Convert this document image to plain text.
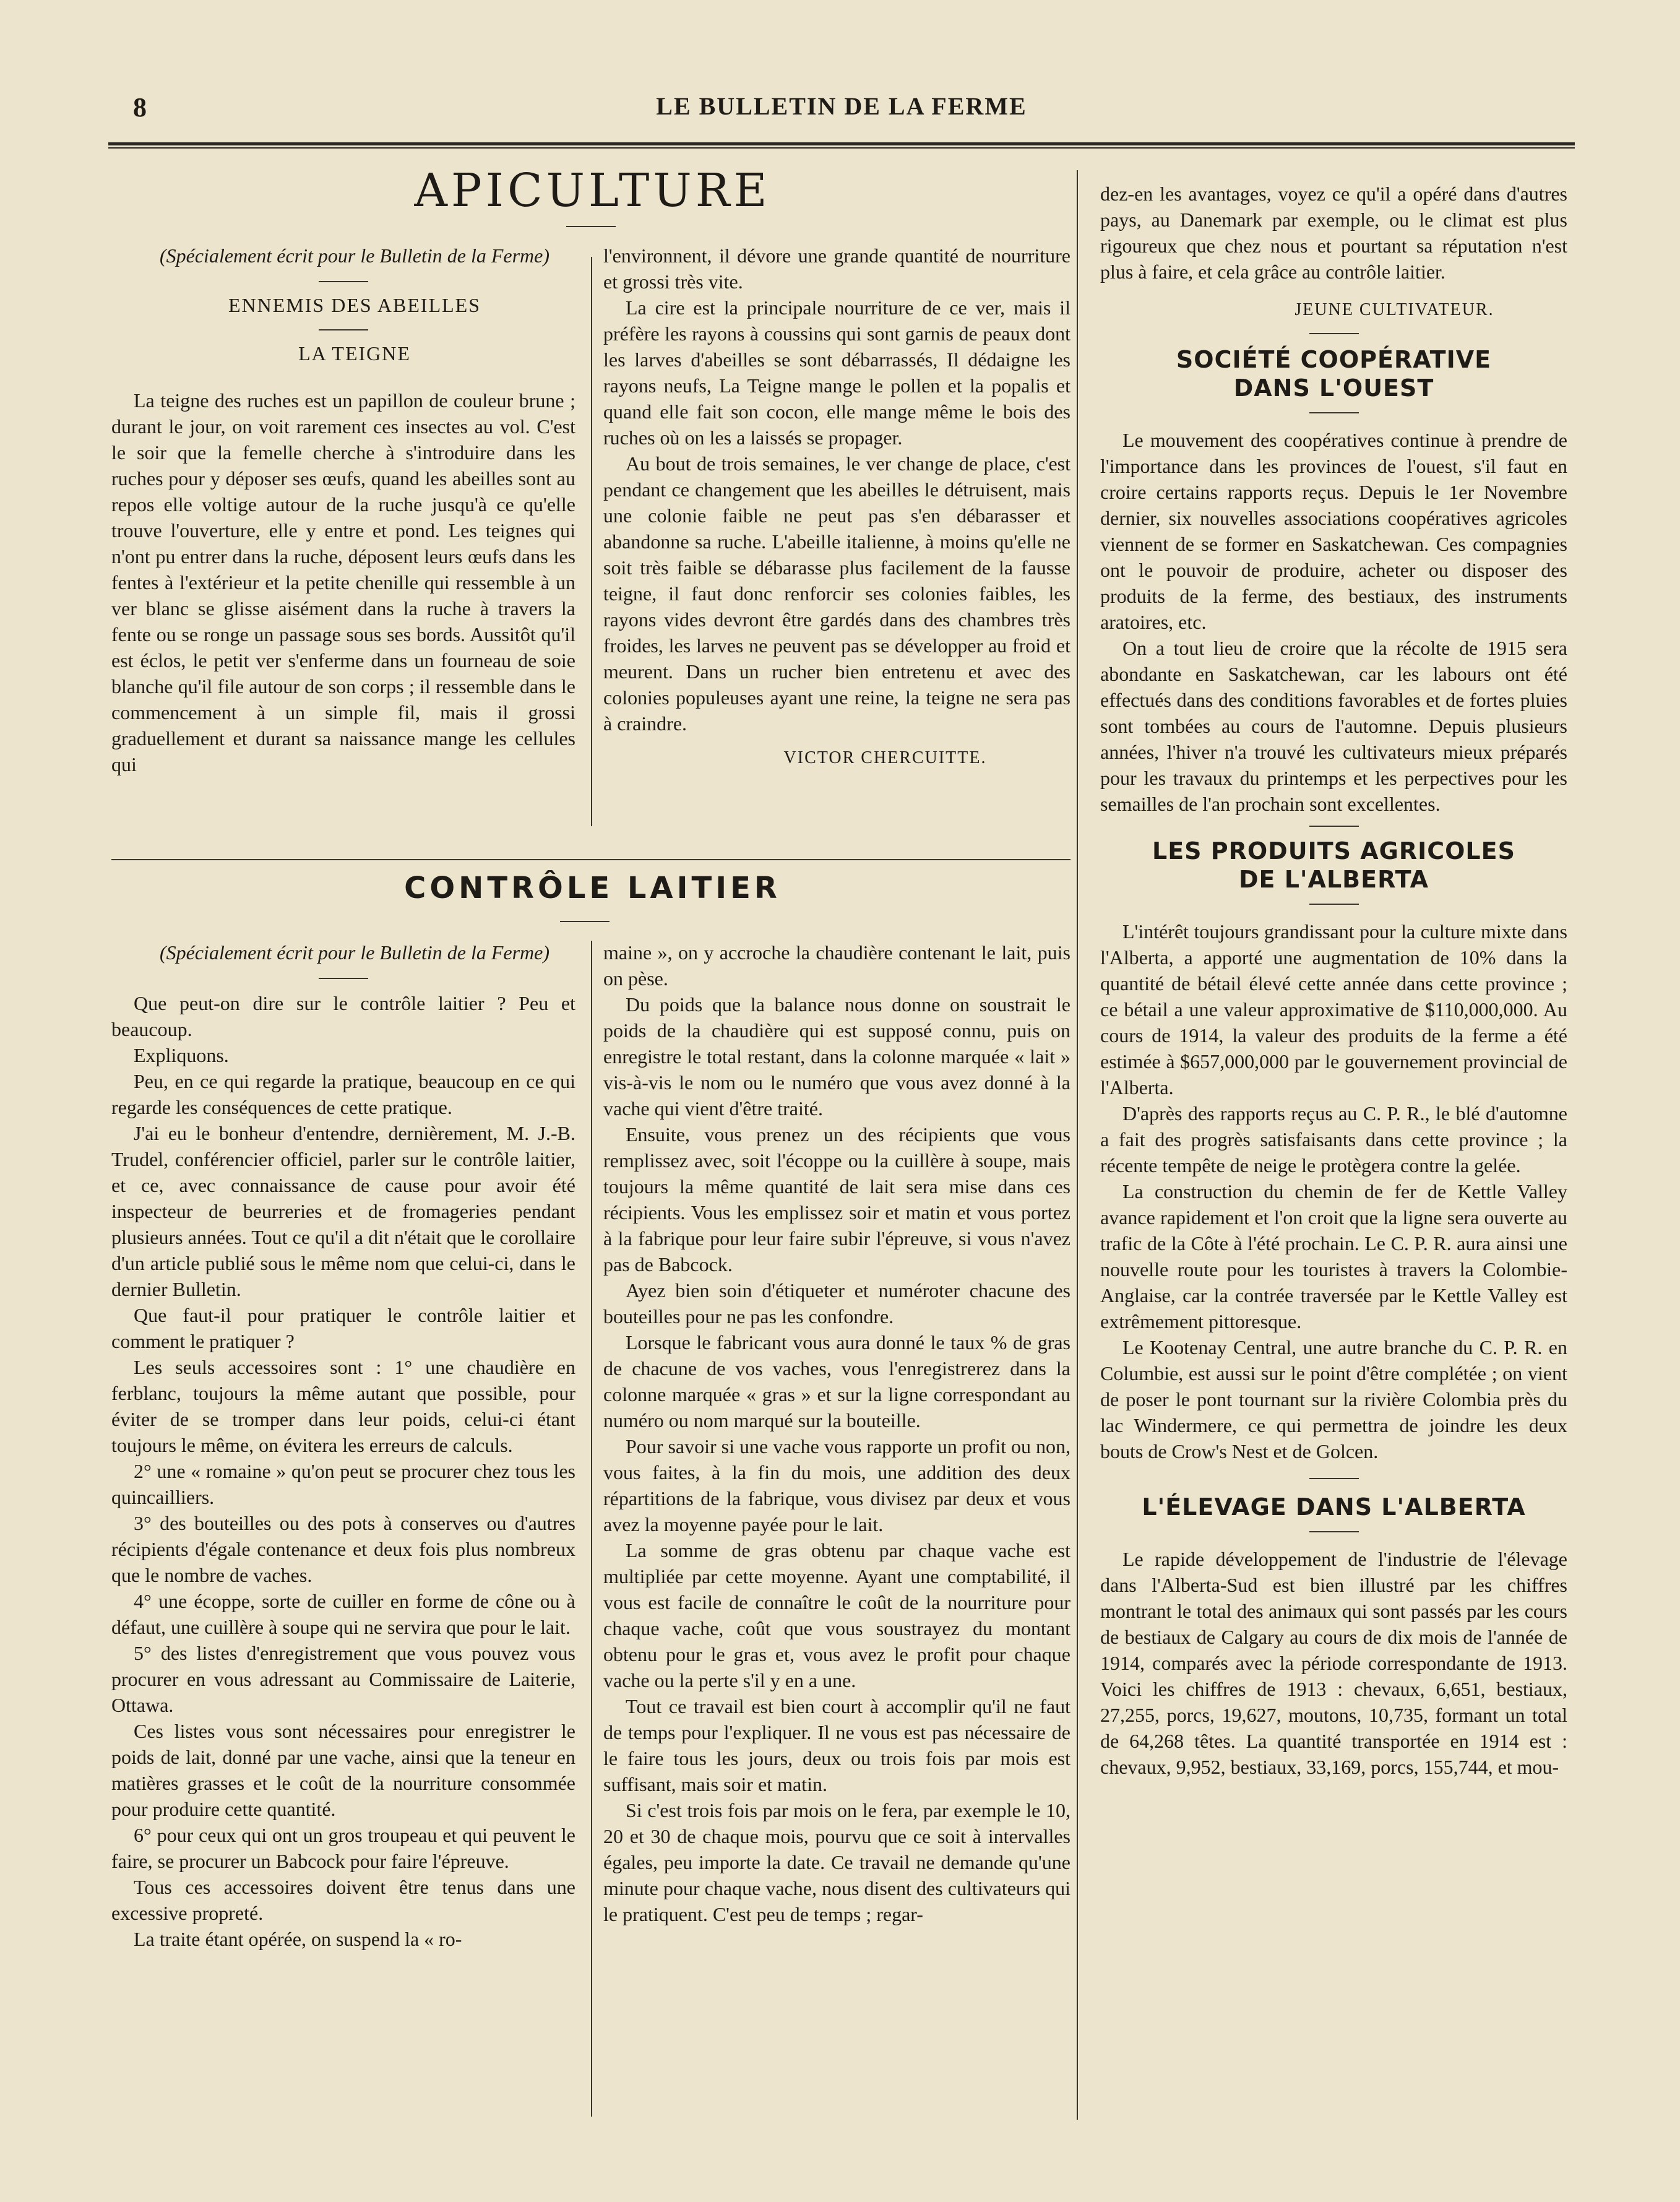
8	LE BULLETIN DE LA FERME
APICULTURE

(Spécialement écrit pour le Bulletin de la Ferme)

ENNEMIS DES ABEILLES

LA TEIGNE

La teigne des ruches est un papillon de couleur brune ; durant le jour, on voit rarement ces insectes au vol. C'est le soir que la femelle cherche à s'introduire dans les ruches pour y déposer ses œufs, quand les abeilles sont au repos elle voltige autour de la ruche jusqu'à ce qu'elle trouve l'ouverture, elle y entre et pond. Les teignes qui n'ont pu entrer dans la ruche, déposent leurs œufs dans les fentes à l'extérieur et la petite chenille qui ressemble à un ver blanc se glisse aisément dans la ruche à travers la fente ou se ronge un passage sous ses bords. Aussitôt qu'il est éclos, le petit ver s'enferme dans un fourneau de soie blanche qu'il file autour de son corps ; il ressemble dans le commencement à un simple fil, mais il grossi graduellement et durant sa naissance mange les cellules qui

l'environnent, il dévore une grande quantité de nourriture et grossi très vite.

La cire est la principale nourriture de ce ver, mais il préfère les rayons à coussins qui sont garnis de peaux dont les larves d'abeilles se sont débarrassés, Il dédaigne les rayons neufs, La Teigne mange le pollen et la popalis et quand elle fait son cocon, elle mange même le bois des ruches où on les a laissés se propager.

Au bout de trois semaines, le ver change de place, c'est pendant ce changement que les abeilles le détruisent, mais une colonie faible ne peut pas s'en débarasser et abandonne sa ruche. L'abeille italienne, à moins qu'elle ne soit très faible se débarasse plus facilement de la fausse teigne, il faut donc renforcir ses colonies faibles, les rayons vides devront être gardés dans des chambres très froides, les larves ne peuvent pas se développer au froid et meurent. Dans un rucher bien entretenu et avec des colonies populeuses ayant une reine, la teigne ne sera pas à craindre.

VICTOR CHERCUITTE.

CONTRÔLE LAITIER

(Spécialement écrit pour le Bulletin de la Ferme)

Que peut-on dire sur le contrôle laitier ? Peu et beaucoup.

Expliquons.

Peu, en ce qui regarde la pratique, beaucoup en ce qui regarde les conséquences de cette pratique.

J'ai eu le bonheur d'entendre, dernièrement, M. J.-B. Trudel, conférencier officiel, parler sur le contrôle laitier, et ce, avec connaissance de cause pour avoir été inspecteur de beurreries et de fromageries pendant plusieurs années. Tout ce qu'il a dit n'était que le corollaire d'un article publié sous le même nom que celui-ci, dans le dernier Bulletin.

Que faut-il pour pratiquer le contrôle laitier et comment le pratiquer ?

Les seuls accessoires sont : 1° une chaudière en ferblanc, toujours la même autant que possible, pour éviter de se tromper dans leur poids, celui-ci étant toujours le même, on évitera les erreurs de calculs.

2° une « romaine » qu'on peut se procurer chez tous les quincailliers.

3° des bouteilles ou des pots à conserves ou d'autres récipients d'égale contenance et deux fois plus nombreux que le nombre de vaches.

4° une écoppe, sorte de cuiller en forme de cône ou à défaut, une cuillère à soupe qui ne servira que pour le lait.

5° des listes d'enregistrement que vous pouvez vous procurer en vous adressant au Commissaire de Laiterie, Ottawa.

Ces listes vous sont nécessaires pour enregistrer le poids de lait, donné par une vache, ainsi que la teneur en matières grasses et le coût de la nourriture consommée pour produire cette quantité.

6° pour ceux qui ont un gros troupeau et qui peuvent le faire, se procurer un Babcock pour faire l'épreuve.

Tous ces accessoires doivent être tenus dans une excessive propreté.

La traite étant opérée, on suspend la « ro-

maine », on y accroche la chaudière contenant le lait, puis on pèse.

Du poids que la balance nous donne on soustrait le poids de la chaudière qui est supposé connu, puis on enregistre le total restant, dans la colonne marquée « lait » vis-à-vis le nom ou le numéro que vous avez donné à la vache qui vient d'être traité.

Ensuite, vous prenez un des récipients que vous remplissez avec, soit l'écoppe ou la cuillère à soupe, mais toujours la même quantité de lait sera mise dans ces récipients. Vous les emplissez soir et matin et vous portez à la fabrique pour leur faire subir l'épreuve, si vous n'avez pas de Babcock.

Ayez bien soin d'étiqueter et numéroter chacune des bouteilles pour ne pas les confondre.

Lorsque le fabricant vous aura donné le taux % de gras de chacune de vos vaches, vous l'enregistrerez dans la colonne marquée « gras » et sur la ligne correspondant au numéro ou nom marqué sur la bouteille.

Pour savoir si une vache vous rapporte un profit ou non, vous faites, à la fin du mois, une addition des deux répartitions de la fabrique, vous divisez par deux et vous avez la moyenne payée pour le lait.

La somme de gras obtenu par chaque vache est multipliée par cette moyenne. Ayant une comptabilité, il vous est facile de connaître le coût de la nourriture pour chaque vache, coût que vous soustrayez du montant obtenu pour le gras et, vous avez le profit pour chaque vache ou la perte s'il y en a une.

Tout ce travail est bien court à accomplir qu'il ne faut de temps pour l'expliquer. Il ne vous est pas nécessaire de le faire tous les jours, deux ou trois fois par mois est suffisant, mais soir et matin.

Si c'est trois fois par mois on le fera, par exemple le 10, 20 et 30 de chaque mois, pourvu que ce soit à intervalles égales, peu importe la date. Ce travail ne demande qu'une minute pour chaque vache, nous disent des cultivateurs qui le pratiquent. C'est peu de temps ; regar-

dez-en les avantages, voyez ce qu'il a opéré dans d'autres pays, au Danemark par exemple, ou le climat est plus rigoureux que chez nous et pourtant sa réputation n'est plus à faire, et cela grâce au contrôle laitier.

JEUNE CULTIVATEUR.

SOCIÉTÉ COOPÉRATIVE
DANS L'OUEST

Le mouvement des coopératives continue à prendre de l'importance dans les provinces de l'ouest, s'il faut en croire certains rapports reçus. Depuis le 1er Novembre dernier, six nouvelles associations coopératives agricoles viennent de se former en Saskatchewan. Ces compagnies ont le pouvoir de produire, acheter ou disposer des produits de la ferme, des bestiaux, des instruments aratoires, etc.

On a tout lieu de croire que la récolte de 1915 sera abondante en Saskatchewan, car les labours ont été effectués dans des conditions favorables et de fortes pluies sont tombées au cours de l'automne. Depuis plusieurs années, l'hiver n'a trouvé les cultivateurs mieux préparés pour les travaux du printemps et les perpectives pour les semailles de l'an prochain sont excellentes.

LES PRODUITS AGRICOLES
DE L'ALBERTA

L'intérêt toujours grandissant pour la culture mixte dans l'Alberta, a apporté une augmentation de 10% dans la quantité de bétail élevé cette année dans cette province ; ce bétail a une valeur approximative de $110,000,000. Au cours de 1914, la valeur des produits de la ferme a été estimée à $657,000,000 par le gouvernement provincial de l'Alberta.

D'après des rapports reçus au C. P. R., le blé d'automne a fait des progrès satisfaisants dans cette province ; la récente tempête de neige le protègera contre la gelée.

La construction du chemin de fer de Kettle Valley avance rapidement et l'on croit que la ligne sera ouverte au trafic de la Côte à l'été prochain. Le C. P. R. aura ainsi une nouvelle route pour les touristes à travers la Colombie-Anglaise, car la contrée traversée par le Kettle Valley est extrêmement pittoresque.

Le Kootenay Central, une autre branche du C. P. R. en Columbie, est aussi sur le point d'être complétée ; on vient de poser le pont tournant sur la rivière Colombia près du lac Windermere, ce qui permettra de joindre les deux bouts de Crow's Nest et de Golcen.

L'ÉLEVAGE DANS L'ALBERTA

Le rapide développement de l'industrie de l'élevage dans l'Alberta-Sud est bien illustré par les chiffres montrant le total des animaux qui sont passés par les cours de bestiaux de Calgary au cours de dix mois de l'année de 1914, comparés avec la période correspondante de 1913. Voici les chiffres de 1913 : chevaux, 6,651, bestiaux, 27,255, porcs, 19,627, moutons, 10,735, formant un total de 64,268 têtes. La quantité transportée en 1914 est : chevaux, 9,952, bestiaux, 33,169, porcs, 155,744, et mou-
